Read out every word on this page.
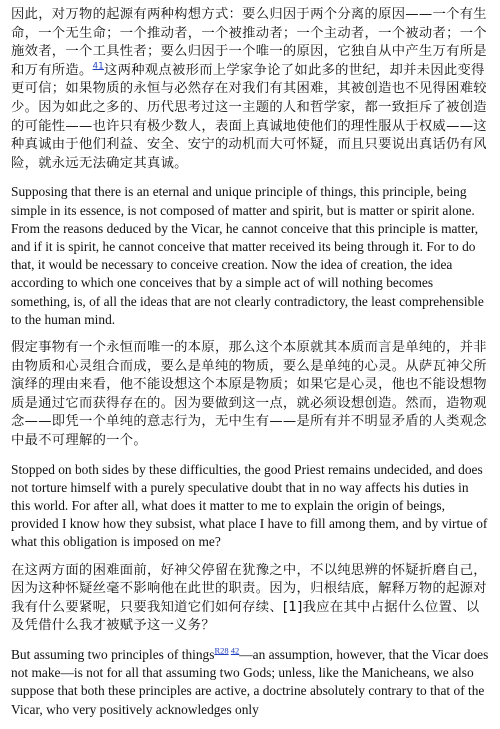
因此，对万物的起源有两种构想方式：要么归因于两个分离的原因——一个有生命，一个无生命；一个推动者，一个被推动者；一个主动者，一个被动者；一个施效者，一个工具性者；要么归因于一个唯一的原因，它独自从中产生万有所是和万有所造。$^{41}$这两种观点被形而上学家争论了如此多的世纪，却并未因此变得更可信；如果物质的永恒与必然存在对我们有其困难，其被创造也不见得困难较少。因为如此之多的、历代思考过这一主题的人和哲学家，都一致拒斥了被创造的可能性——也许只有极少数人，表面上真诚地使他们的理性服从于权威——这种真诚由于他们利益、安全、安宁的动机而大可怀疑，而且只要说出真话仍有风险，就永远无法确定其真诚。

Supposing that there is an eternal and unique principle of things, this principle, being simple in its essence, is not composed of matter and spirit, but is matter or spirit alone. From the reasons deduced by the Vicar, he cannot conceive that this principle is matter, and if it is spirit, he cannot conceive that matter received its being through it. For to do that, it would be necessary to conceive creation. Now the idea of creation, the idea according to which one conceives that by a simple act of will nothing becomes something, is, of all the ideas that are not clearly contradictory, the least comprehensible to the human mind.

假定事物有一个永恒而唯一的本原，那么这个本原就其本质而言是单纯的，并非由物质和心灵组合而成，要么是单纯的物质，要么是单纯的心灵。从萨瓦神父所演绎的理由来看，他不能设想这个本原是物质；如果它是心灵，他也不能设想物质是通过它而获得存在的。因为要做到这一点，就必须设想创造。然而，造物观念——即凭一个单纯的意志行为，无中生有——是所有并不明显矛盾的人类观念中最不可理解的一个。

Stopped on both sides by these difficulties, the good Priest remains undecided, and does not torture himself with a purely speculative doubt that in no way affects his duties in this world. For after all, what does it matter to me to explain the origin of beings, provided I know how they subsist, what place I have to fill among them, and by virtue of what this obligation is imposed on me?

在这两方面的困难面前，好神父停留在犹豫之中，不以纯思辨的怀疑折磨自己，因为这种怀疑丝毫不影响他在此世的职责。因为，归根结底，解释万物的起源对我有什么要紧呢，只要我知道它们如何存续、[1]我应在其中占据什么位置、以及凭借什么我才被赋予这一义务？

But assuming two principles of things$^{R28 42}$—an assumption, however, that the Vicar does not make—is not for all that assuming two Gods; unless, like the Manicheans, we also suppose that both these principles are active, a doctrine absolutely contrary to that of the Vicar, who very positively acknowledges only
